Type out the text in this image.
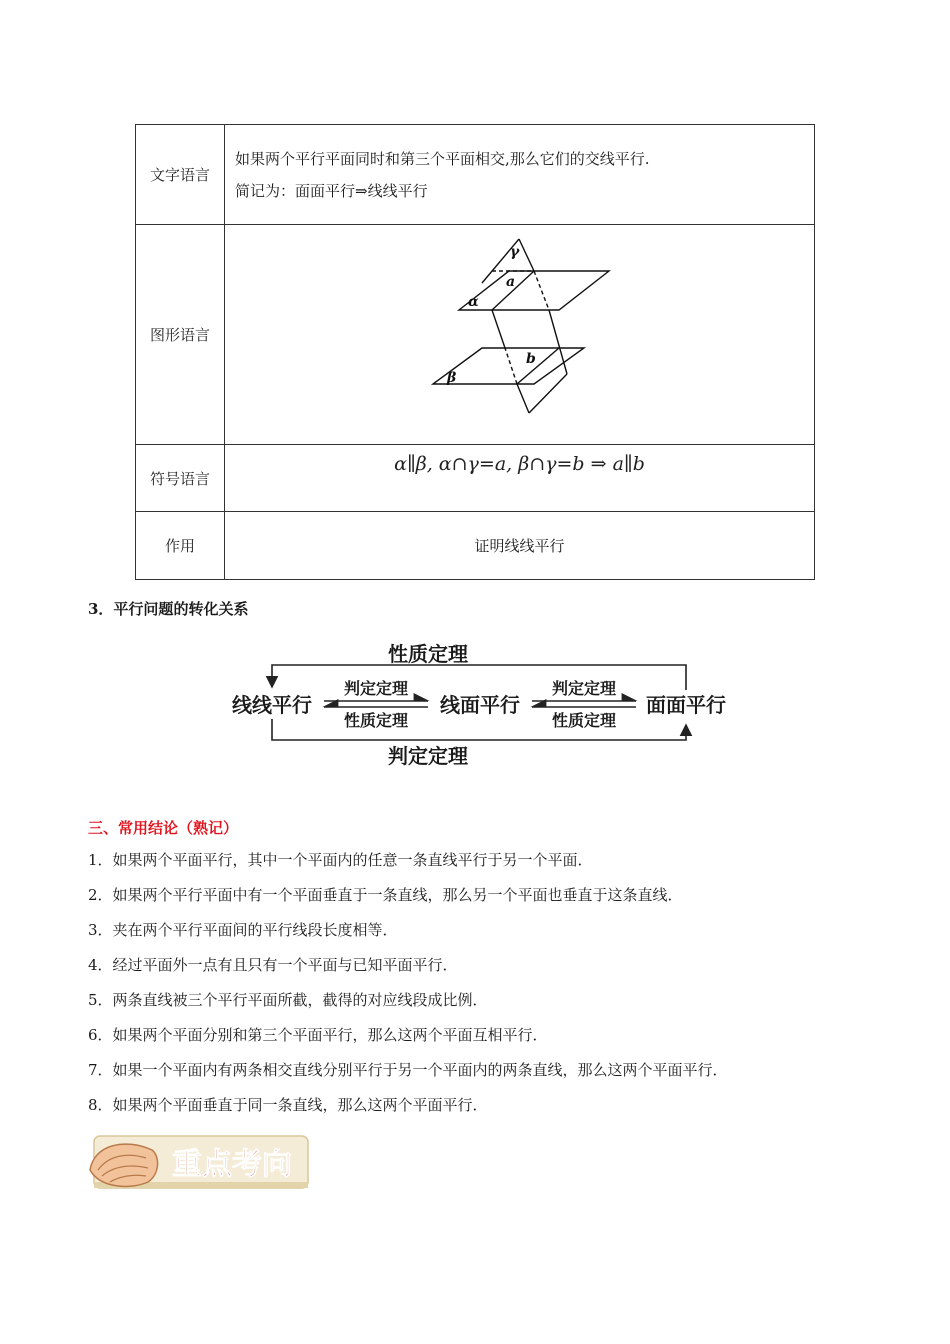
文字语言	如果两个平行平面同时和第三个平面相交,那么它们的交线平行.
简记为：面面平行⇒线线平行

图形语言	γ
a
α
b
β

符号语言	α∥β, α∩γ=a, β∩γ=b ⇒ a∥b

作用	证明线线平行
3．平行问题的转化关系
性质定理
判定定理
线线平行	线面平行	面面平行
判定定理
性质定理
判定定理
性质定理
三、常用结论（熟记）
1．如果两个平面平行，其中一个平面内的任意一条直线平行于另一个平面．
2．如果两个平行平面中有一个平面垂直于一条直线，那么另一个平面也垂直于这条直线．
3．夹在两个平行平面间的平行线段长度相等．
4．经过平面外一点有且只有一个平面与已知平面平行．
5．两条直线被三个平行平面所截，截得的对应线段成比例．
6．如果两个平面分别和第三个平面平行，那么这两个平面互相平行．
7．如果一个平面内有两条相交直线分别平行于另一个平面内的两条直线，那么这两个平面平行．
8．如果两个平面垂直于同一条直线，那么这两个平面平行．
重点考向
